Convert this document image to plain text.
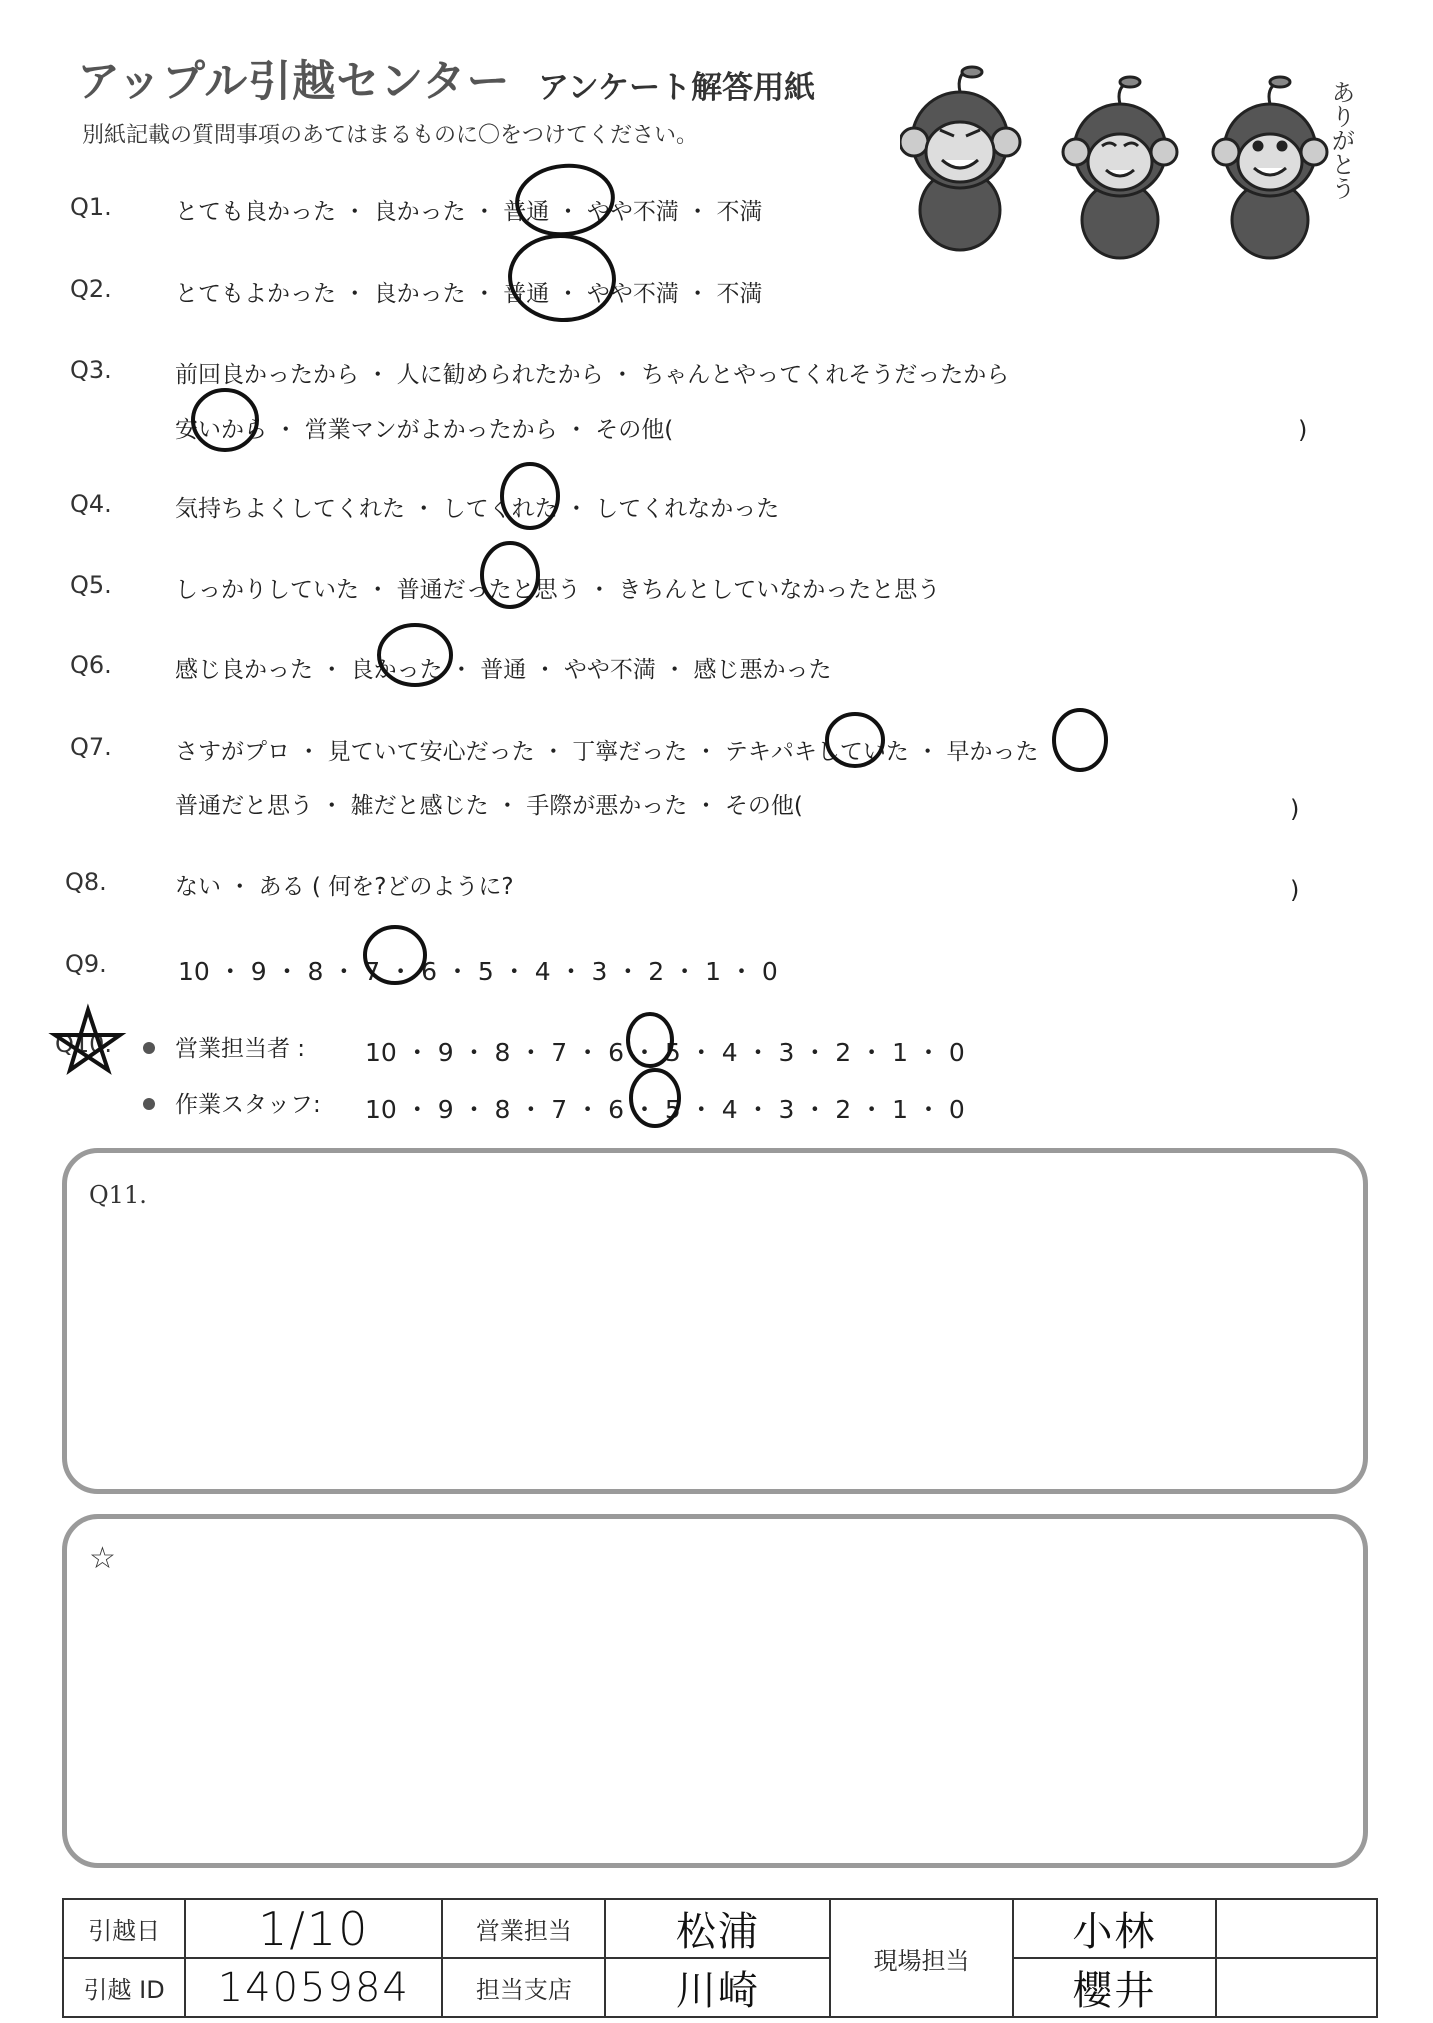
アップル引越センター アンケート解答用紙
別紙記載の質問事項のあてはまるものに〇をつけてください。	ありがとう
Q1.	とても良かった ・ 良かった ・ 普通 ・ やや不満 ・ 不満
Q2.	とてもよかった ・ 良かった ・ 普通 ・ やや不満 ・ 不満
Q3.	前回良かったから ・ 人に勧められたから ・ ちゃんとやってくれそうだったから
安いから ・ 営業マンがよかったから ・ その他(	)
Q4.	気持ちよくしてくれた ・ してくれた ・ してくれなかった
Q5.	しっかりしていた ・ 普通だったと思う ・ きちんとしていなかったと思う
Q6.	感じ良かった ・ 良かった ・ 普通 ・ やや不満 ・ 感じ悪かった
Q7.	さすがプロ ・ 見ていて安心だった ・ 丁寧だった ・ テキパキしていた ・ 早かった
普通だと思う ・ 雑だと感じた ・ 手際が悪かった ・ その他(	)
Q8.	ない ・ ある ( 何を?どのように?	)
Q9.	10 ・ 9 ・ 8 ・ 7 ・ 6 ・ 5 ・ 4 ・ 3 ・ 2 ・ 1 ・ 0
Q10.	営業担当者 : 10 ・ 9 ・ 8 ・ 7 ・ 6 ・ 5 ・ 4 ・ 3 ・ 2 ・ 1 ・ 0
作業スタッフ: 10 ・ 9 ・ 8 ・ 7 ・ 6 ・ 5 ・ 4 ・ 3 ・ 2 ・ 1 ・ 0
Q11.
☆
引越日	1/10	営業担当	松浦	現場担当	小林	
引越 ID	1405984	担当支店	川崎		櫻井	
